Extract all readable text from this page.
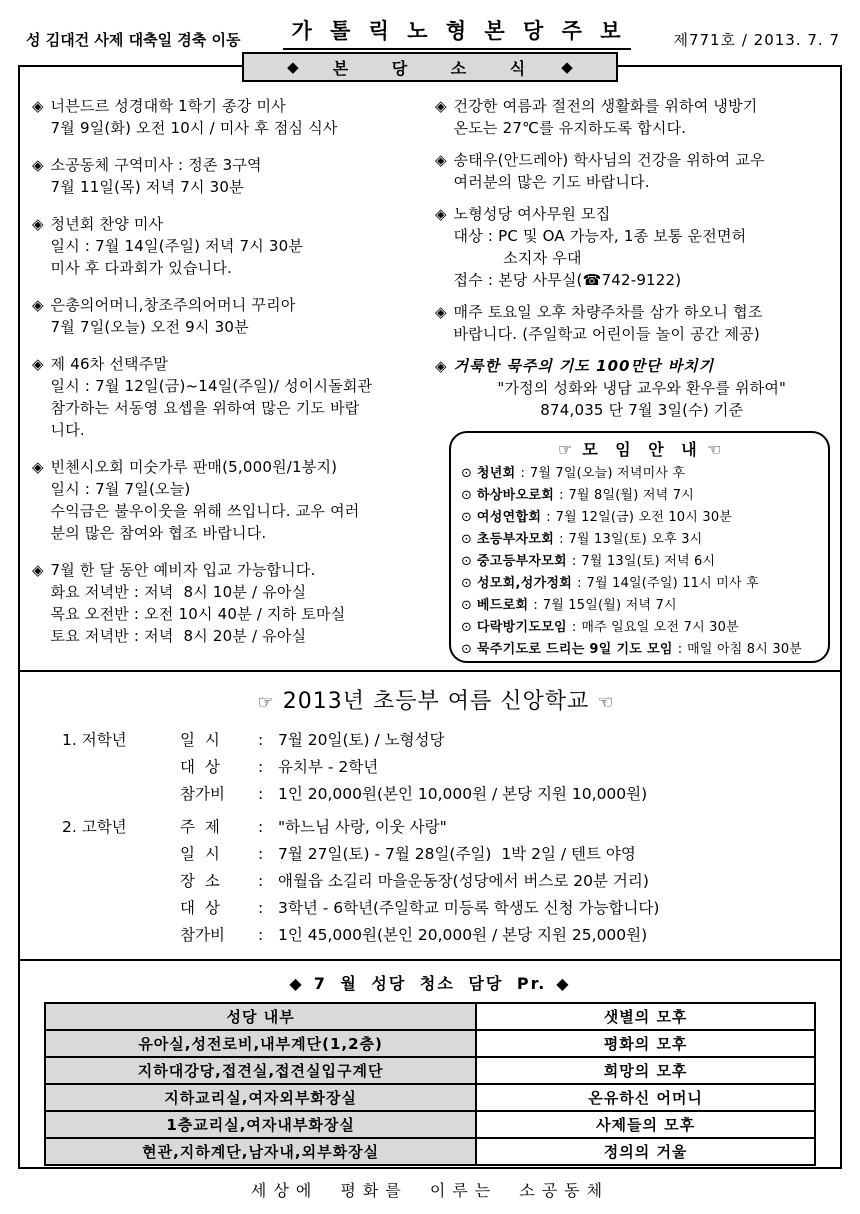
성 김대건 사제 대축일 경축 이동	가 톨 릭 노 형 본 당 주 보	제771호 / 2013. 7. 7
◆ 본 당 소 식 ◆
◈ 너븐드르 성경대학 1학기 종강 미사
7월 9일(화) 오전 10시 / 미사 후 점심 식사
◈ 소공동체 구역미사 : 정존 3구역
7월 11일(목) 저녁 7시 30분
◈ 청년회 찬양 미사
일시 : 7월 14일(주일) 저녁 7시 30분
미사 후 다과회가 있습니다.
◈ 은총의어머니,창조주의어머니 꾸리아
7월 7일(오늘) 오전 9시 30분
◈ 제 46차 선택주말
일시 : 7월 12일(금)~14일(주일)/ 성이시돌회관
참가하는 서동영 요셉을 위하여 많은 기도 바랍
니다.
◈ 빈첸시오회 미숫가루 판매(5,000원/1봉지)
일시 : 7월 7일(오늘)
수익금은 불우이웃을 위해 쓰입니다. 교우 여러
분의 많은 참여와 협조 바랍니다.
◈ 7월 한 달 동안 예비자 입교 가능합니다.
화요 저녁반 : 저녁  8시 10분 / 유아실
목요 오전반 : 오전 10시 40분 / 지하 토마실
토요 저녁반 : 저녁  8시 20분 / 유아실
◈ 건강한 여름과 절전의 생활화를 위하여 냉방기
온도는 27℃를 유지하도록 합시다.
◈ 송태우(안드레아) 학사님의 건강을 위하여 교우
여러분의 많은 기도 바랍니다.
◈ 노형성당 여사무원 모집
대상 : PC 및 OA 가능자, 1종 보통 운전면허
소지자 우대
접수 : 본당 사무실(☎742-9122)
◈ 매주 토요일 오후 차량주차를 삼가 하오니 협조
바랍니다. (주일학교 어린이들 놀이 공간 제공)
◈ 거룩한 묵주의 기도 100만단 바치기
"가정의 성화와 냉담 교우와 환우를 위하여"
874,035 단 7월 3일(수) 기준
☞ 모 임 안 내 ☜
⊙ 청년회 : 7월 7일(오늘) 저녁미사 후
⊙ 하상바오로회 : 7월 8일(월) 저녁 7시
⊙ 여성연합회 : 7월 12일(금) 오전 10시 30분
⊙ 초등부자모회 : 7월 13일(토) 오후 3시
⊙ 중고등부자모회 : 7월 13일(토) 저녁 6시
⊙ 성모회,성가정회 : 7월 14일(주일) 11시 미사 후
⊙ 베드로회 : 7월 15일(월) 저녁 7시
⊙ 다락방기도모임 : 매주 일요일 오전 7시 30분
⊙ 묵주기도로 드리는 9일 기도 모임 : 매일 아침 8시 30분
☞ 2013년 초등부 여름 신앙학교 ☜
1. 저학년	일  시	: 7월 20일(토) / 노형성당
대  상	: 유치부 - 2학년
참가비	: 1인 20,000원(본인 10,000원 / 본당 지원 10,000원)
2. 고학년	주  제	: "하느님 사랑, 이웃 사랑"
일  시	: 7월 27일(토) - 7월 28일(주일)  1박 2일 / 텐트 야영
장  소	: 애월읍 소길리 마을운동장(성당에서 버스로 20분 거리)
대  상	: 3학년 - 6학년(주일학교 미등록 학생도 신청 가능합니다)
참가비	: 1인 45,000원(본인 20,000원 / 본당 지원 25,000원)

◆ 7 월 성당 청소 담당 Pr. ◆
성당 내부	샛별의 모후
유아실,성전로비,내부계단(1,2층)	평화의 모후
지하대강당,접견실,접견실입구계단	희망의 모후
지하교리실,여자외부화장실	온유하신 어머니
1층교리실,여자내부화장실	사제들의 모후
현관,지하계단,남자내,외부화장실	정의의 거울
세상에 평화를 이루는 소공동체
